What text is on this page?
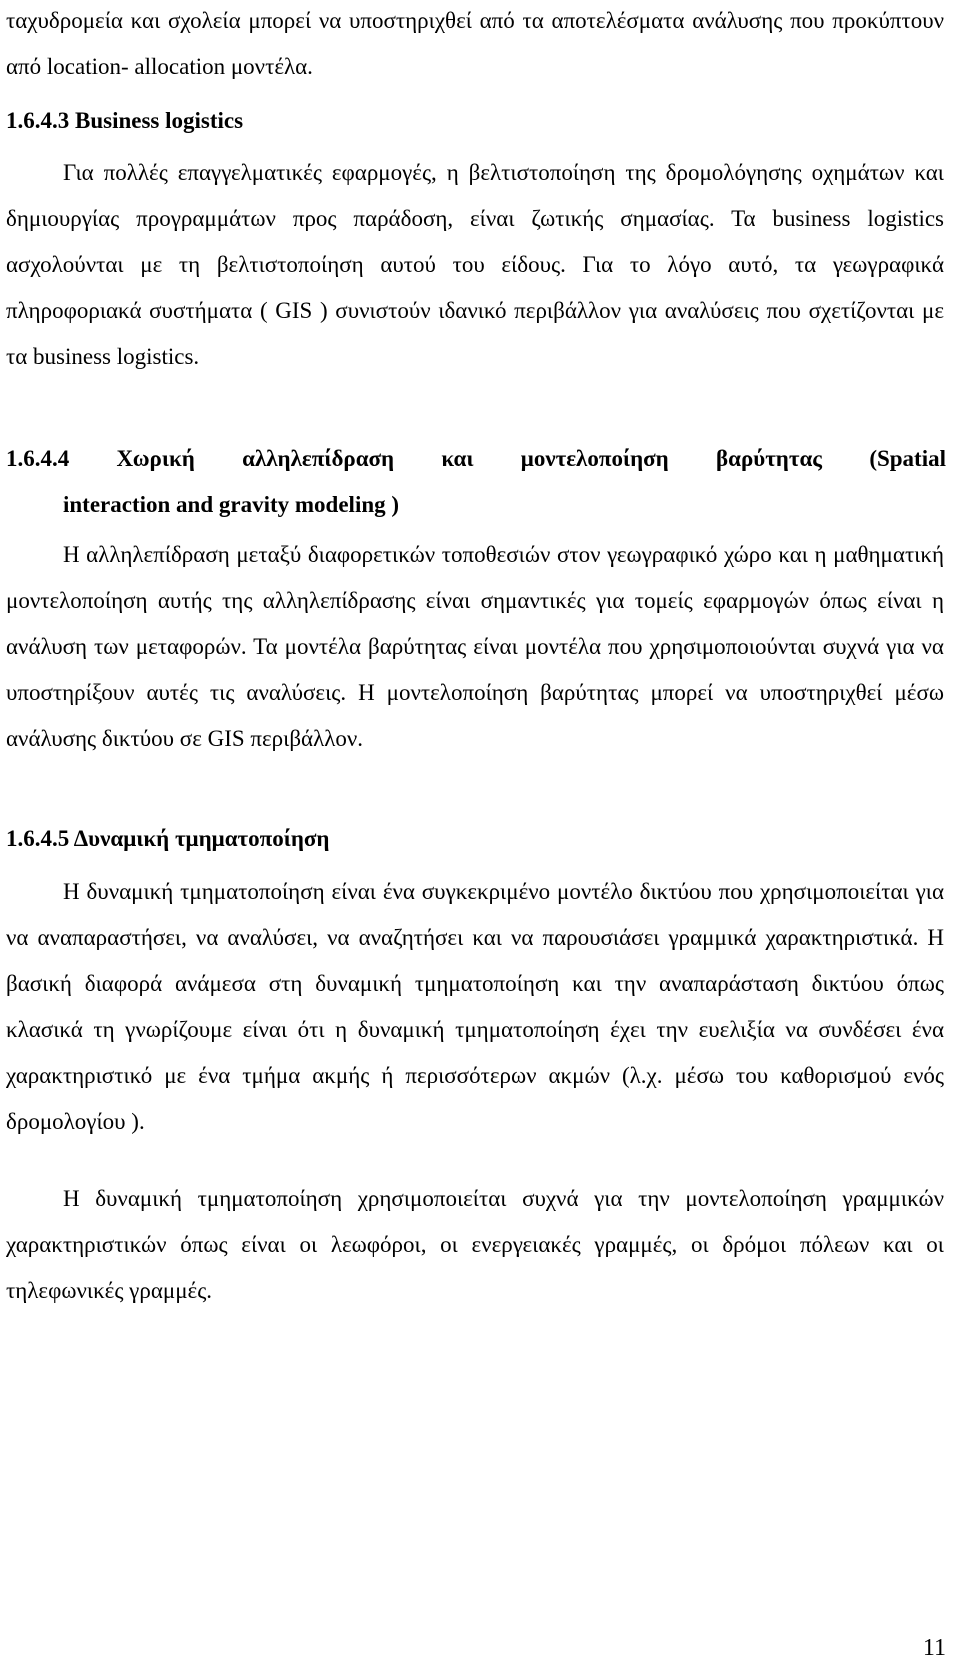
ταχυδρομεία και σχολεία μπορεί να υποστηριχθεί από τα αποτελέσματα ανάλυσης που προκύπτουν από location- allocation μοντέλα.

1.6.4.3 Business logistics

Για πολλές επαγγελματικές εφαρμογές, η βελτιστοποίηση της δρομολόγησης οχημάτων και δημιουργίας προγραμμάτων προς παράδοση, είναι ζωτικής σημασίας. Τα business logistics ασχολούνται με τη βελτιστοποίηση αυτού του είδους. Για το λόγο αυτό, τα γεωγραφικά πληροφοριακά συστήματα ( GIS ) συνιστούν ιδανικό περιβάλλον για αναλύσεις που σχετίζονται με τα business logistics.

1.6.4.4 Χωρική αλληλεπίδραση και μοντελοποίηση βαρύτητας (Spatial
interaction and gravity modeling )

Η αλληλεπίδραση μεταξύ διαφορετικών τοποθεσιών στον γεωγραφικό χώρο και η μαθηματική μοντελοποίηση αυτής της αλληλεπίδρασης είναι σημαντικές για τομείς εφαρμογών όπως είναι η ανάλυση των μεταφορών. Τα μοντέλα βαρύτητας είναι μοντέλα που χρησιμοποιούνται συχνά για να υποστηρίξουν αυτές τις αναλύσεις. Η μοντελοποίηση βαρύτητας μπορεί να υποστηριχθεί μέσω ανάλυσης δικτύου σε GIS περιβάλλον.

1.6.4.5 Δυναμική τμηματοποίηση

Η δυναμική τμηματοποίηση είναι ένα συγκεκριμένο μοντέλο δικτύου που χρησιμοποιείται για να αναπαραστήσει, να αναλύσει, να αναζητήσει και να παρουσιάσει γραμμικά χαρακτηριστικά. Η βασική διαφορά ανάμεσα στη δυναμική τμηματοποίηση και την αναπαράσταση δικτύου όπως κλασικά τη γνωρίζουμε είναι ότι η δυναμική τμηματοποίηση έχει την ευελιξία να συνδέσει ένα χαρακτηριστικό με ένα τμήμα ακμής ή περισσότερων ακμών (λ.χ. μέσω του καθορισμού ενός δρομολογίου ).

Η δυναμική τμηματοποίηση χρησιμοποιείται συχνά για την μοντελοποίηση γραμμικών χαρακτηριστικών όπως είναι οι λεωφόροι, οι ενεργειακές γραμμές, οι δρόμοι πόλεων και οι τηλεφωνικές γραμμές.

11
